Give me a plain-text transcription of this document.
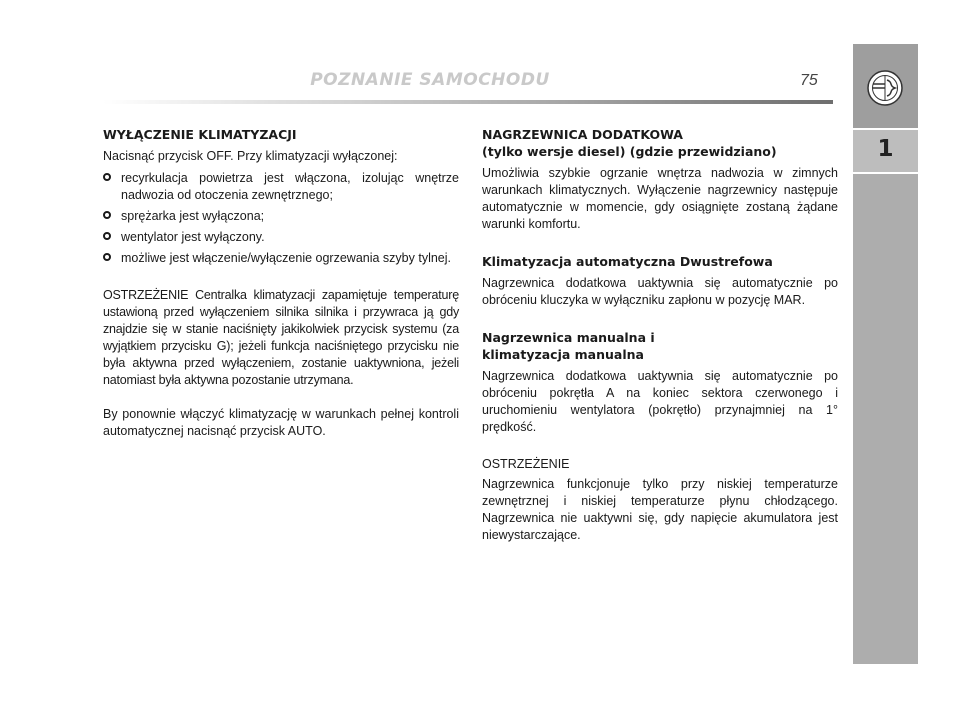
POZNANIE SAMOCHODU	75
1
WYŁĄCZENIE KLIMATYZACJI

Nacisnąć przycisk OFF. Przy klimatyzacji wyłączonej:

recyrkulacja powietrza jest włączona, izolując wnętrze nadwozia od otoczenia zewnętrznego;
sprężarka jest wyłączona;
wentylator jest wyłączony.
możliwe jest włączenie/wyłączenie ogrzewania szyby tylnej.

OSTRZEŻENIE Centralka klimatyzacji zapamiętuje temperaturę ustawioną przed wyłączeniem silnika silnika i przywraca ją gdy znajdzie się w stanie naciśnięty jakikolwiek przycisk systemu (za wyjątkiem przycisku G); jeżeli funkcja naciśniętego przycisku nie była aktywna przed wyłączeniem, zostanie uaktywniona, jeżeli natomiast była aktywna pozostanie utrzymana.

By ponownie włączyć klimatyzację w warunkach pełnej kontroli automatycznej nacisnąć przycisk AUTO.

NAGRZEWNICA DODATKOWA
(tylko wersje diesel) (gdzie przewidziano)

Umożliwia szybkie ogrzanie wnętrza nadwozia w zimnych warunkach klimatycznych. Wyłączenie nagrzewnicy następuje automatycznie w momencie, gdy osiągnięte zostaną żądane warunki komfortu.

Klimatyzacja automatyczna Dwustrefowa

Nagrzewnica dodatkowa uaktywnia się automatycznie po obróceniu kluczyka w wyłączniku zapłonu w pozycję MAR.

Nagrzewnica manualna i
klimatyzacja manualna

Nagrzewnica dodatkowa uaktywnia się automatycznie po obróceniu pokrętła A na koniec sektora czerwonego i uruchomieniu wentylatora (pokrętło) przynajmniej na 1° prędkość.

OSTRZEŻENIE

Nagrzewnica funkcjonuje tylko przy niskiej temperaturze zewnętrznej i niskiej temperaturze płynu chłodzącego. Nagrzewnica nie uaktywni się, gdy napięcie akumulatora jest niewystarczające.
